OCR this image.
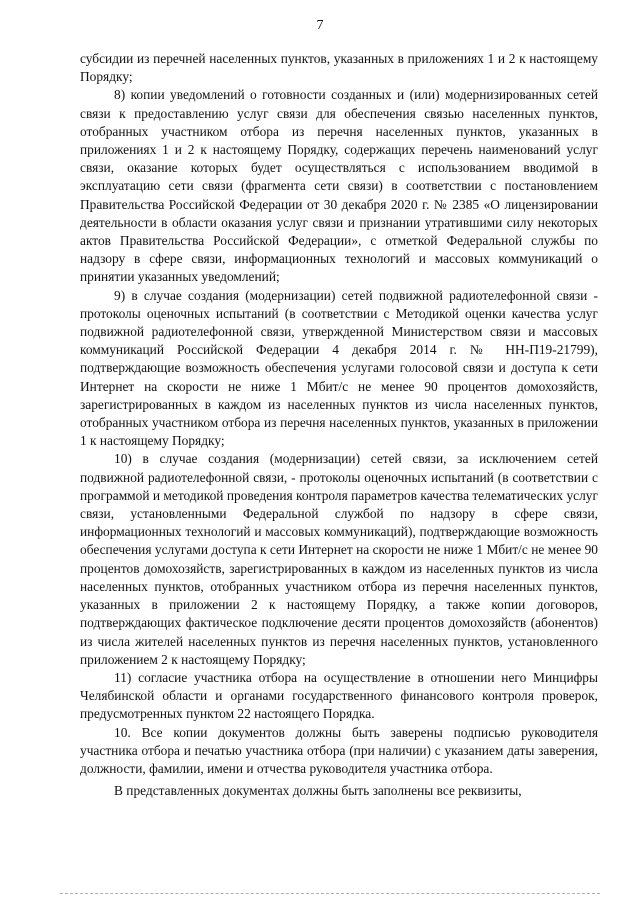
7

субсидии из перечней населенных пунктов, указанных в приложениях 1 и 2 к настоящему Порядку;

8) копии уведомлений о готовности созданных и (или) модернизированных сетей связи к предоставлению услуг связи для обеспечения связью населенных пунктов, отобранных участником отбора из перечня населенных пунктов, указанных в приложениях 1 и 2 к настоящему Порядку, содержащих перечень наименований услуг связи, оказание которых будет осуществляться с использованием вводимой в эксплуатацию сети связи (фрагмента сети связи) в соответствии с постановлением Правительства Российской Федерации от 30 декабря 2020 г. № 2385 «О лицензировании деятельности в области оказания услуг связи и признании утратившими силу некоторых актов Правительства Российской Федерации», с отметкой Федеральной службы по надзору в сфере связи, информационных технологий и массовых коммуникаций о принятии указанных уведомлений;

9) в случае создания (модернизации) сетей подвижной радиотелефонной связи - протоколы оценочных испытаний (в соответствии с Методикой оценки качества услуг подвижной радиотелефонной связи, утвержденной Министерством связи и массовых коммуникаций Российской Федерации 4 декабря 2014 г. № НН-П19-21799), подтверждающие возможность обеспечения услугами голосовой связи и доступа к сети Интернет на скорости не ниже 1 Мбит/с не менее 90 процентов домохозяйств, зарегистрированных в каждом из населенных пунктов из числа населенных пунктов, отобранных участником отбора из перечня населенных пунктов, указанных в приложении 1 к настоящему Порядку;

10) в случае создания (модернизации) сетей связи, за исключением сетей подвижной радиотелефонной связи, - протоколы оценочных испытаний (в соответствии с программой и методикой проведения контроля параметров качества телематических услуг связи, установленными Федеральной службой по надзору в сфере связи, информационных технологий и массовых коммуникаций), подтверждающие возможность обеспечения услугами доступа к сети Интернет на скорости не ниже 1 Мбит/с не менее 90 процентов домохозяйств, зарегистрированных в каждом из населенных пунктов из числа населенных пунктов, отобранных участником отбора из перечня населенных пунктов, указанных в приложении 2 к настоящему Порядку, а также копии договоров, подтверждающих фактическое подключение десяти процентов домохозяйств (абонентов) из числа жителей населенных пунктов из перечня населенных пунктов, установленного приложением 2 к настоящему Порядку;

11) согласие участника отбора на осуществление в отношении него Минцифры Челябинской области и органами государственного финансового контроля проверок, предусмотренных пунктом 22 настоящего Порядка.

10. Все копии документов должны быть заверены подписью руководителя участника отбора и печатью участника отбора (при наличии) с указанием даты заверения, должности, фамилии, имени и отчества руководителя участника отбора.

В представленных документах должны быть заполнены все реквизиты,
